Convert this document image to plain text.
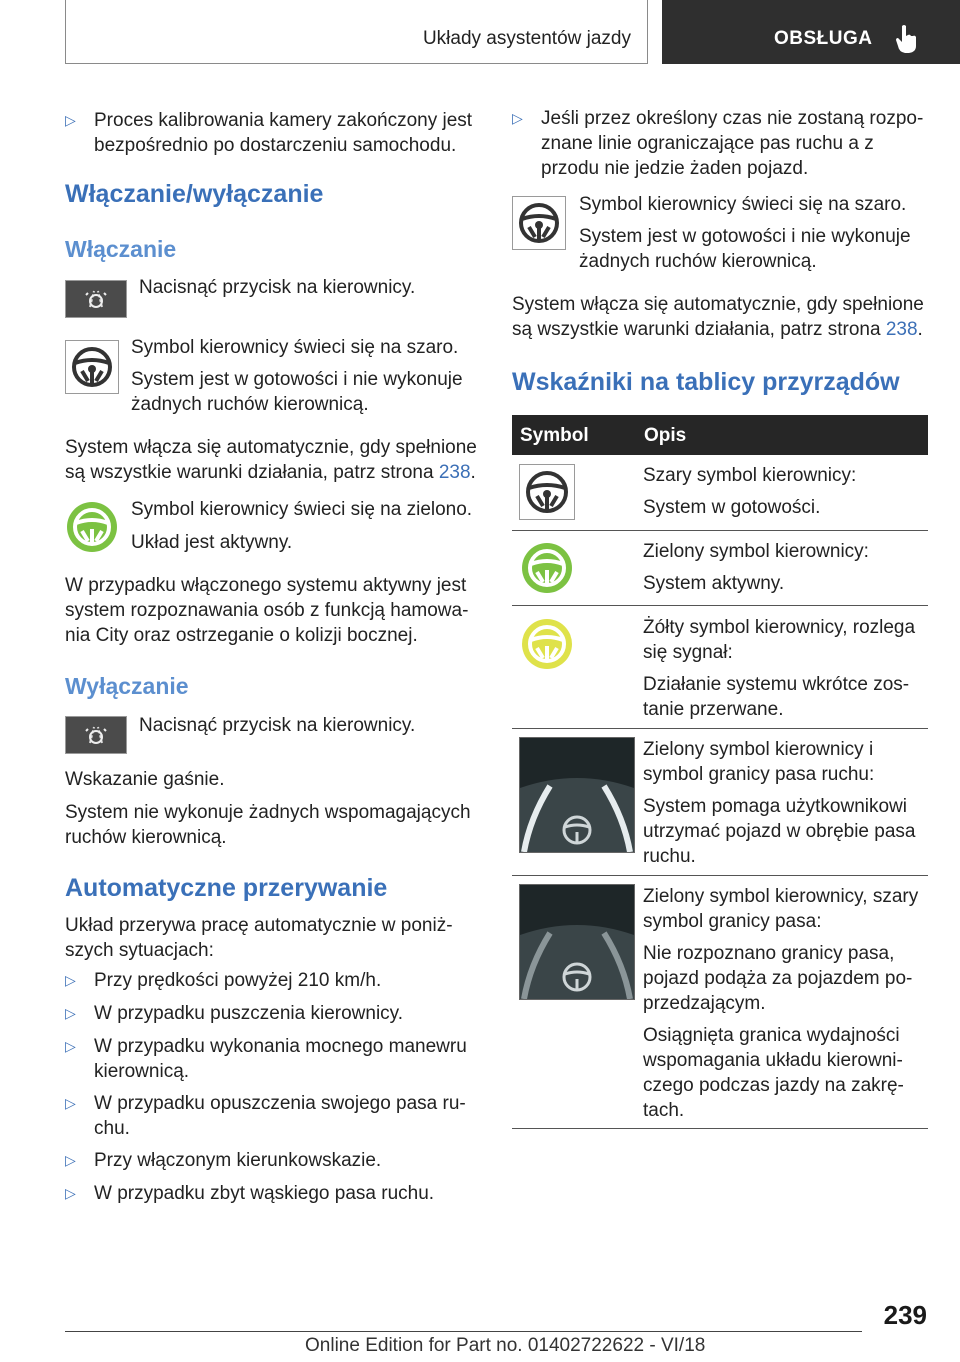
Układy asystentów jazdy	OBSŁUGA
▷ Proces kalibrowania kamery zakończony jest
bezpośrednio po dostarczeniu samochodu.
Włączanie/wyłączanie
Włączanie
Nacisnąć przycisk na kierownicy.
Symbol kierownicy świeci się na szaro.
System jest w gotowości i nie wykonuje
żadnych ruchów kierownicą.
System włącza się automatycznie, gdy spełnione
są wszystkie warunki działania, patrz strona 238.
Symbol kierownicy świeci się na zielono.
Układ jest aktywny.
W przypadku włączonego systemu aktywny jest
system rozpoznawania osób z funkcją hamowa-
nia City oraz ostrzeganie o kolizji bocznej.
Wyłączanie
Nacisnąć przycisk na kierownicy.
Wskazanie gaśnie.
System nie wykonuje żadnych wspomagających
ruchów kierownicą.
Automatyczne przerywanie
Układ przerywa pracę automatycznie w poniż-
szych sytuacjach:
▷ Przy prędkości powyżej 210 km/h.
▷ W przypadku puszczenia kierownicy.
▷ W przypadku wykonania mocnego manewru
kierownicą.
▷ W przypadku opuszczenia swojego pasa ru-
chu.
▷ Przy włączonym kierunkowskazie.
▷ W przypadku zbyt wąskiego pasa ruchu.
▷ Jeśli przez określony czas nie zostaną rozpo-
znane linie ograniczające pas ruchu a z
przodu nie jedzie żaden pojazd.
Symbol kierownicy świeci się na szaro.
System jest w gotowości i nie wykonuje
żadnych ruchów kierownicą.
System włącza się automatycznie, gdy spełnione
są wszystkie warunki działania, patrz strona 238.
Wskaźniki na tablicy przyrządów
Symbol	Opis
Szary symbol kierownicy:
System w gotowości.
Zielony symbol kierownicy:
System aktywny.
Żółty symbol kierownicy, rozlega
się sygnał:
Działanie systemu wkrótce zos-
tanie przerwane.
Zielony symbol kierownicy i
symbol granicy pasa ruchu:
System pomaga użytkownikowi
utrzymać pojazd w obrębie pasa
ruchu.
Zielony symbol kierownicy, szary
symbol granicy pasa:
Nie rozpoznano granicy pasa,
pojazd podąża za pojazdem po-
przedzającym.
Osiągnięta granica wydajności
wspomagania układu kierowni-
czego podczas jazdy na zakrę-
tach.
239
Online Edition for Part no. 01402722622 - VI/18
